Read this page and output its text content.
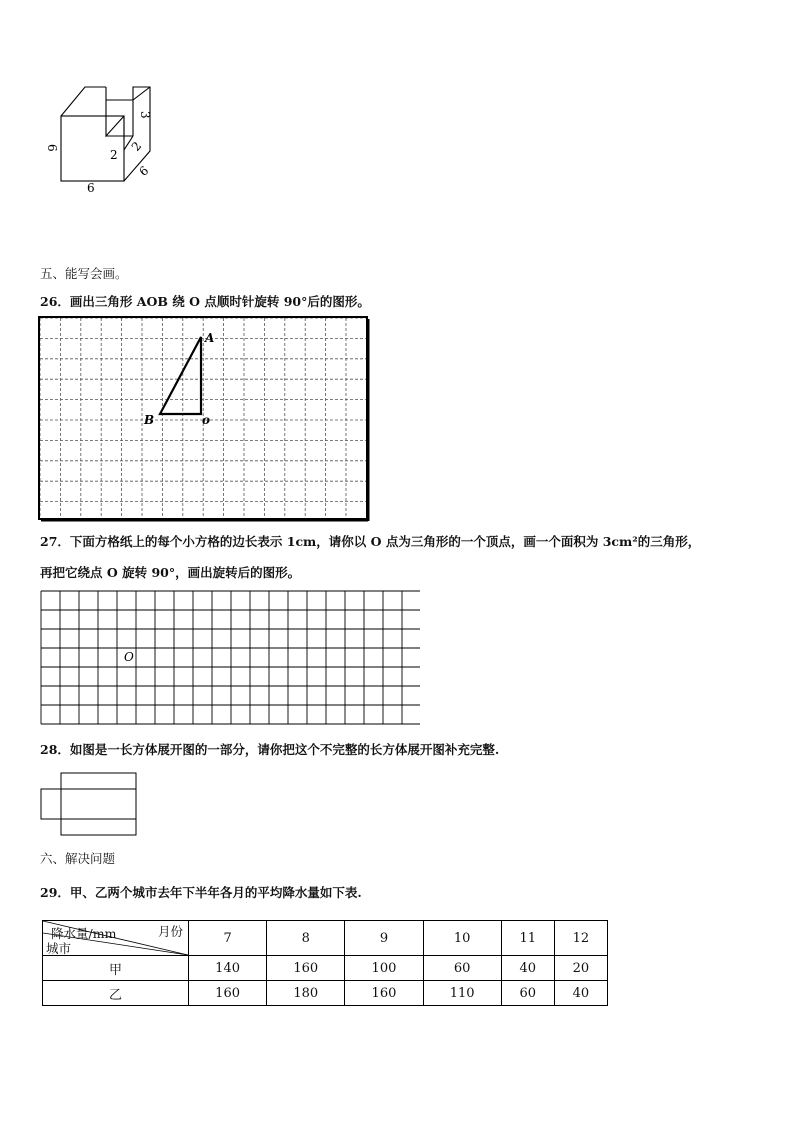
6
6
6
3
2
2
五、能写会画。
26．画出三角形 AOB 绕 O 点顺时针旋转 90°后的图形。
A
B	o
27．下面方格纸上的每个小方格的边长表示 1cm，请你以 O 点为三角形的一个顶点，画一个面积为 3cm²的三角形，
再把它绕点 O 旋转 90°，画出旋转后的图形。
O
28．如图是一长方体展开图的一部分，请你把这个不完整的长方体展开图补充完整.
六、解决问题
29．甲、乙两个城市去年下半年各月的平均降水量如下表.
月份
降水量/mm
城市	7	8	9	10	11	12
甲	140	160	100	60	40	20
乙	160	180	160	110	60	40
